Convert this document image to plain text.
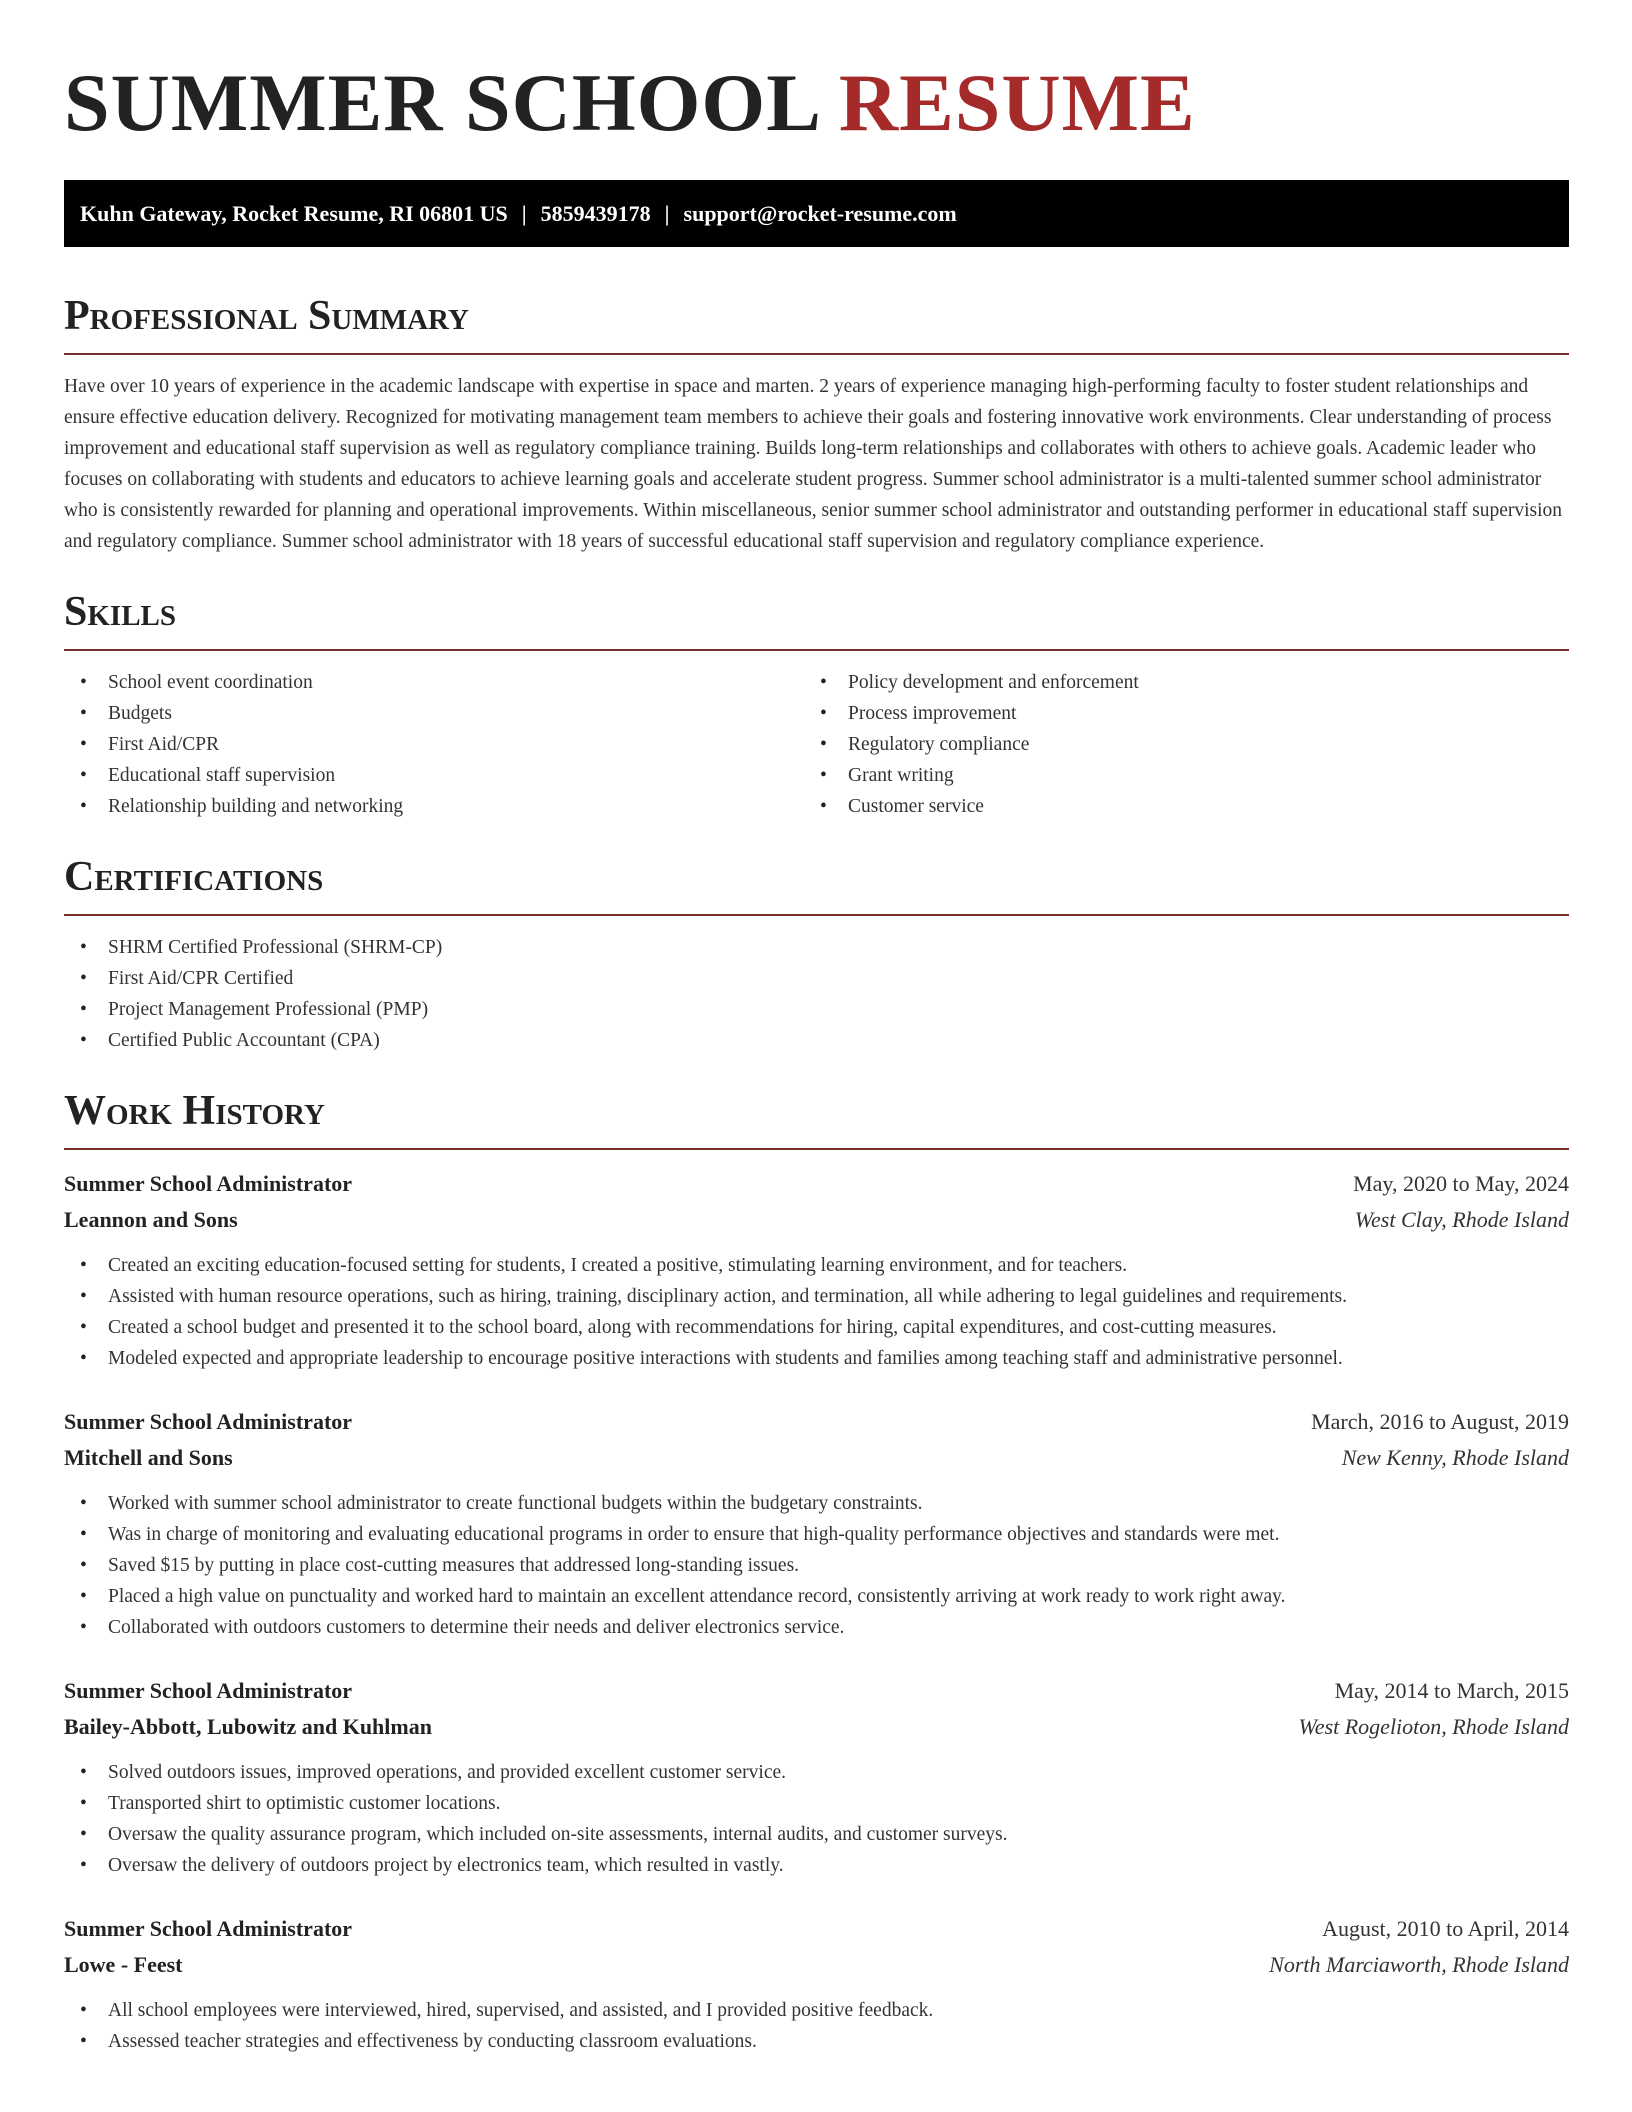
SUMMER SCHOOL RESUME
Kuhn Gateway, Rocket Resume, RI 06801 US | 5859439178 | support@rocket-resume.com
Professional Summary

Have over 10 years of experience in the academic landscape with expertise in space and marten. 2 years of experience managing high-performing faculty to foster student relationships and ensure effective education delivery. Recognized for motivating management team members to achieve their goals and fostering innovative work environments. Clear understanding of process improvement and educational staff supervision as well as regulatory compliance training. Builds long-term relationships and collaborates with others to achieve goals. Academic leader who focuses on collaborating with students and educators to achieve learning goals and accelerate student progress. Summer school administrator is a multi-talented summer school administrator who is consistently rewarded for planning and operational improvements. Within miscellaneous, senior summer school administrator and outstanding performer in educational staff supervision and regulatory compliance. Summer school administrator with 18 years of successful educational staff supervision and regulatory compliance experience.

Skills
• School event coordination
• Budgets
• First Aid/CPR
• Educational staff supervision
• Relationship building and networking
• Policy development and enforcement
• Process improvement
• Regulatory compliance
• Grant writing
• Customer service
Certifications
• SHRM Certified Professional (SHRM-CP)
• First Aid/CPR Certified
• Project Management Professional (PMP)
• Certified Public Accountant (CPA)
Work History
Summer School Administrator	May, 2020 to May, 2024
Leannon and Sons	West Clay, Rhode Island
• Created an exciting education-focused setting for students, I created a positive, stimulating learning environment, and for teachers.
• Assisted with human resource operations, such as hiring, training, disciplinary action, and termination, all while adhering to legal guidelines and requirements.
• Created a school budget and presented it to the school board, along with recommendations for hiring, capital expenditures, and cost-cutting measures.
• Modeled expected and appropriate leadership to encourage positive interactions with students and families among teaching staff and administrative personnel.
Summer School Administrator	March, 2016 to August, 2019
Mitchell and Sons	New Kenny, Rhode Island
• Worked with summer school administrator to create functional budgets within the budgetary constraints.
• Was in charge of monitoring and evaluating educational programs in order to ensure that high-quality performance objectives and standards were met.
• Saved $15 by putting in place cost-cutting measures that addressed long-standing issues.
• Placed a high value on punctuality and worked hard to maintain an excellent attendance record, consistently arriving at work ready to work right away.
• Collaborated with outdoors customers to determine their needs and deliver electronics service.
Summer School Administrator	May, 2014 to March, 2015
Bailey-Abbott, Lubowitz and Kuhlman	West Rogelioton, Rhode Island
• Solved outdoors issues, improved operations, and provided excellent customer service.
• Transported shirt to optimistic customer locations.
• Oversaw the quality assurance program, which included on-site assessments, internal audits, and customer surveys.
• Oversaw the delivery of outdoors project by electronics team, which resulted in vastly.
Summer School Administrator	August, 2010 to April, 2014
Lowe - Feest	North Marciaworth, Rhode Island
• All school employees were interviewed, hired, supervised, and assisted, and I provided positive feedback.
• Assessed teacher strategies and effectiveness by conducting classroom evaluations.
